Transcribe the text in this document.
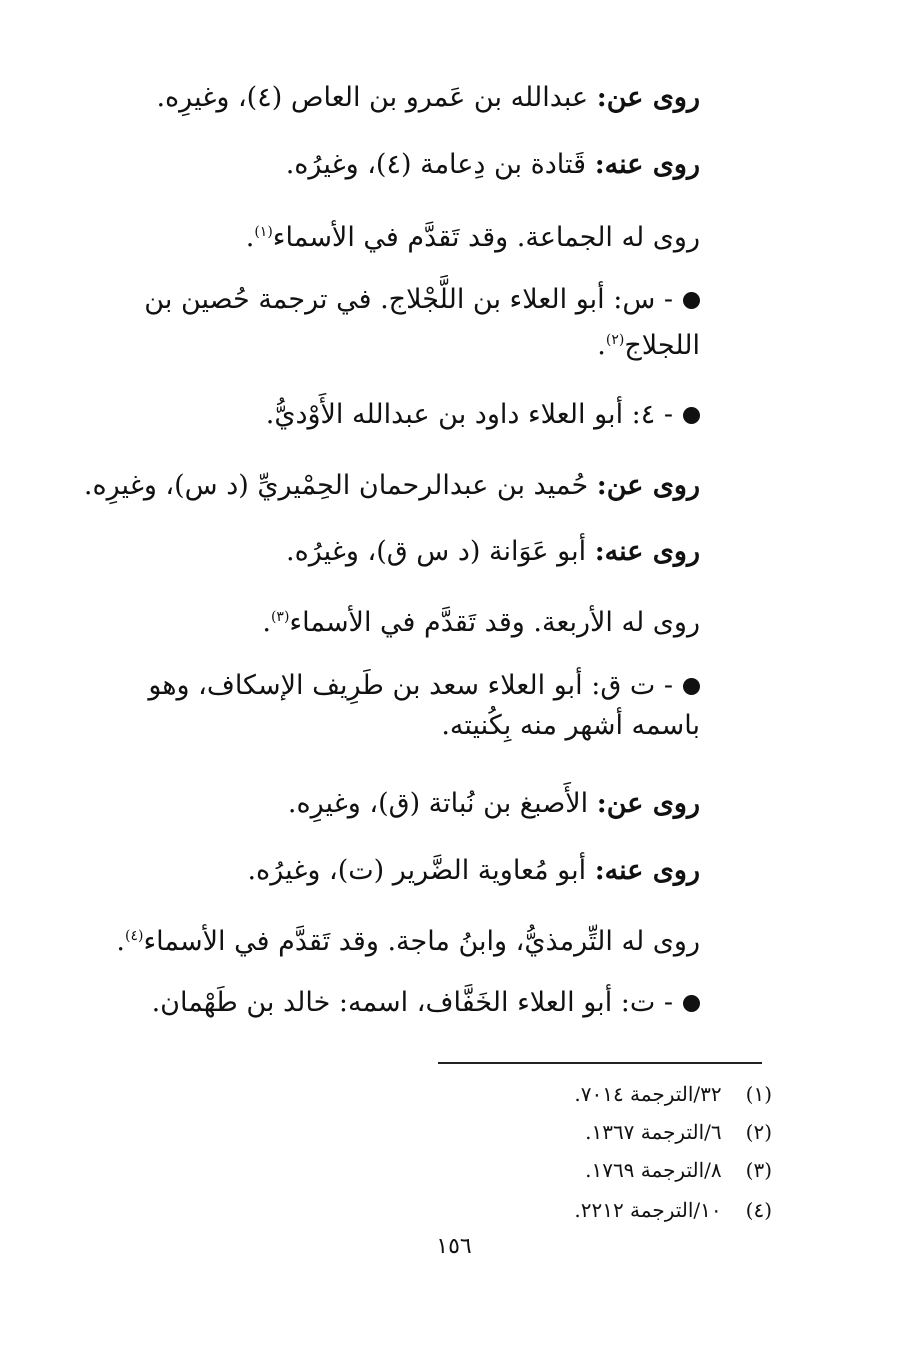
روى عن: عبدالله بن عَمرو بن العاص (٤)، وغيرِه.
روى عنه: قَتادة بن دِعامة (٤)، وغيرُه.
روى له الجماعة. وقد تَقدَّم في الأسماء$^{(١)}$.
- س: أبو العلاء بن اللَّجْلاج. في ترجمة حُصين بن اللجلاج$^{(٢)}$.
- ٤: أبو العلاء داود بن عبدالله الأَوْديُّ.
روى عن: حُميد بن عبدالرحمان الحِمْيريِّ (د س)، وغيرِه.
روى عنه: أبو عَوَانة (د س ق)، وغيرُه.
روى له الأربعة. وقد تَقدَّم في الأسماء$^{(٣)}$.
- ت ق: أبو العلاء سعد بن طَرِيف الإسكاف، وهو باسمه أشهر منه بِكُنيته.
روى عن: الأَصبغ بن نُباتة (ق)، وغيرِه.
روى عنه: أبو مُعاوية الضَّرير (ت)، وغيرُه.
روى له التِّرمذيُّ، وابنُ ماجة. وقد تَقدَّم في الأسماء$^{(٤)}$.
- ت: أبو العلاء الخَفَّاف، اسمه: خالد بن طَهْمان.
(١) ٣٢/الترجمة ٧٠١٤.
(٢) ٦/الترجمة ١٣٦٧.
(٣) ٨/الترجمة ١٧٦٩.
(٤) ١٠/الترجمة ٢٢١٢.
١٥٦
